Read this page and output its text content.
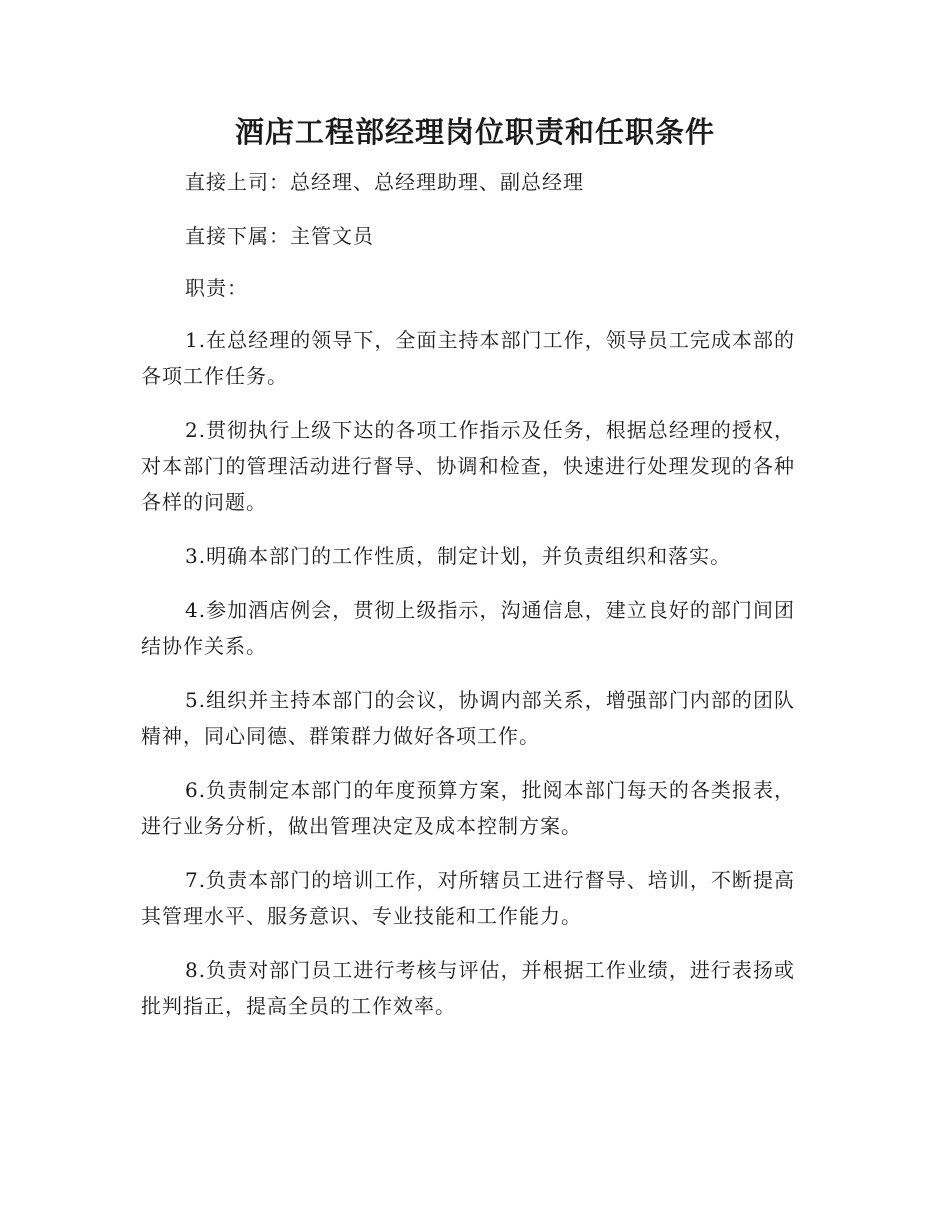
酒店工程部经理岗位职责和任职条件

直接上司：总经理、总经理助理、副总经理

直接下属：主管文员

职责：

1.在总经理的领导下，全面主持本部门工作，领导员工完成本部的各项工作任务。

2.贯彻执行上级下达的各项工作指示及任务，根据总经理的授权，对本部门的管理活动进行督导、协调和检查，快速进行处理发现的各种各样的问题。

3.明确本部门的工作性质，制定计划，并负责组织和落实。

4.参加酒店例会，贯彻上级指示，沟通信息，建立良好的部门间团结协作关系。

5.组织并主持本部门的会议，协调内部关系，增强部门内部的团队精神，同心同德、群策群力做好各项工作。

6.负责制定本部门的年度预算方案，批阅本部门每天的各类报表，进行业务分析，做出管理决定及成本控制方案。

7.负责本部门的培训工作，对所辖员工进行督导、培训，不断提高其管理水平、服务意识、专业技能和工作能力。

8.负责对部门员工进行考核与评估，并根据工作业绩，进行表扬或批判指正，提高全员的工作效率。
